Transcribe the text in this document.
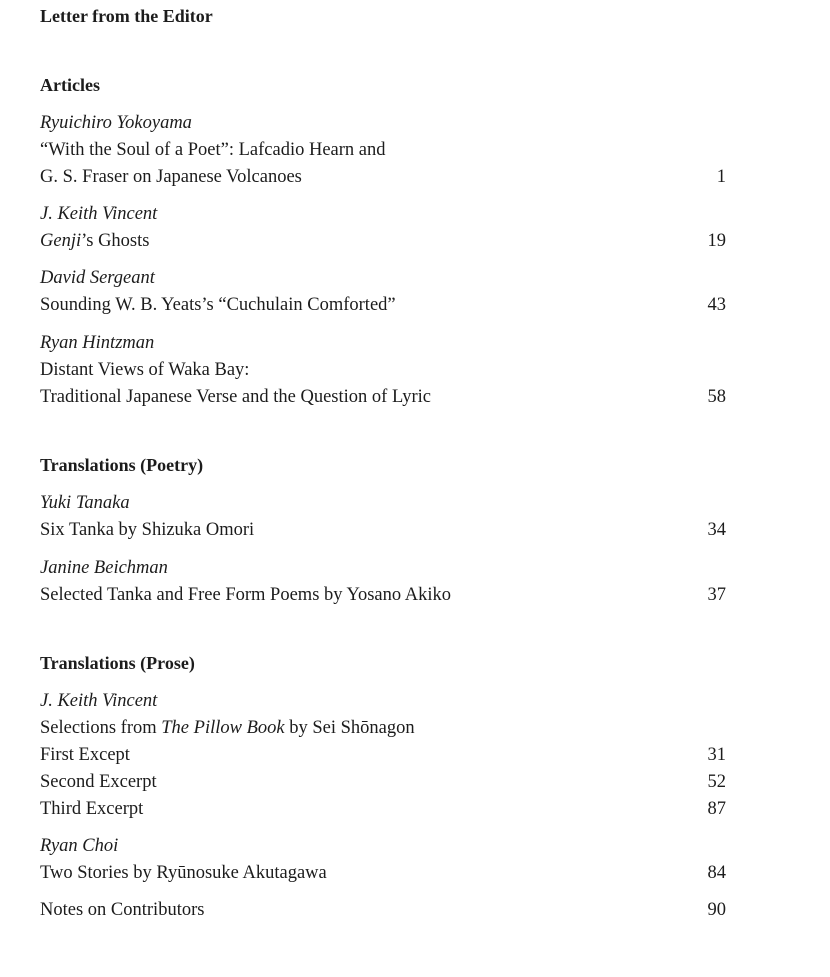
Letter from the Editor
Articles
Ryuichiro Yokoyama
“With the Soul of a Poet”: Lafcadio Hearn and
G. S. Fraser on Japanese Volcanoes	1
J. Keith Vincent
Genji’s Ghosts	19
David Sergeant
Sounding W. B. Yeats’s “Cuchulain Comforted”	43
Ryan Hintzman
Distant Views of Waka Bay:
Traditional Japanese Verse and the Question of Lyric	58
Translations (Poetry)
Yuki Tanaka
Six Tanka by Shizuka Omori	34
Janine Beichman
Selected Tanka and Free Form Poems by Yosano Akiko	37
Translations (Prose)
J. Keith Vincent
Selections from The Pillow Book by Sei Shōnagon
First Except	31
Second Excerpt	52
Third Excerpt	87
Ryan Choi
Two Stories by Ryūnosuke Akutagawa	84
Notes on Contributors	90
